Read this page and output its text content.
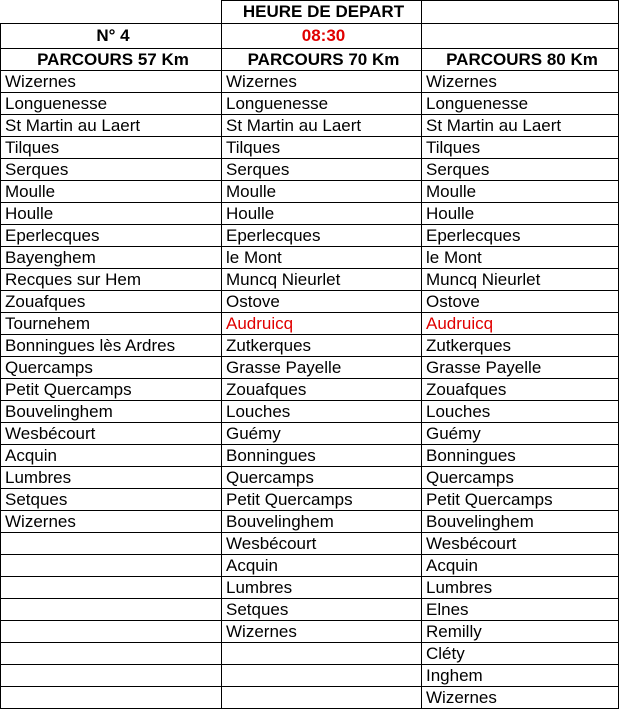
	HEURE DE DEPART	
N° 4	08:30	
PARCOURS 57 Km	PARCOURS 70 Km	PARCOURS 80 Km
Wizernes	Wizernes	Wizernes
Longuenesse	Longuenesse	Longuenesse
St Martin au Laert	St Martin au Laert	St Martin au Laert
Tilques	Tilques	Tilques
Serques	Serques	Serques
Moulle	Moulle	Moulle
Houlle	Houlle	Houlle
Eperlecques	Eperlecques	Eperlecques
Bayenghem	le Mont	le Mont
Recques sur Hem	Muncq Nieurlet	Muncq Nieurlet
Zouafques	Ostove	Ostove
Tournehem	Audruicq	Audruicq
Bonningues lès Ardres	Zutkerques	Zutkerques
Quercamps	Grasse Payelle	Grasse Payelle
Petit Quercamps	Zouafques	Zouafques
Bouvelinghem	Louches	Louches
Wesbécourt	Guémy	Guémy
Acquin	Bonningues	Bonningues
Lumbres	Quercamps	Quercamps
Setques	Petit Quercamps	Petit Quercamps
Wizernes	Bouvelinghem	Bouvelinghem
	Wesbécourt	Wesbécourt
	Acquin	Acquin
	Lumbres	Lumbres
	Setques	Elnes
	Wizernes	Remilly
		Cléty
		Inghem
		Wizernes
